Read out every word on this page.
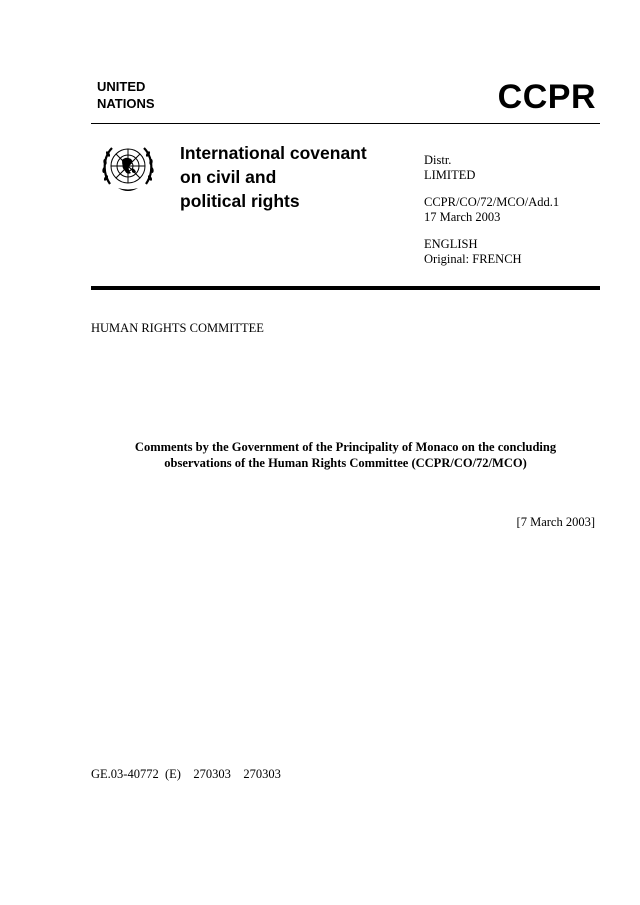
UNITED
NATIONS	CCPR
International covenant
on civil and
political rights
Distr.
LIMITED
CCPR/CO/72/MCO/Add.1
17 March 2003
ENGLISH
Original: FRENCH
HUMAN RIGHTS COMMITTEE
Comments by the Government of the Principality of Monaco on the concluding
observations of the Human Rights Committee (CCPR/CO/72/MCO)
[7 March 2003]
GE.03-40772  (E)    270303    270303
